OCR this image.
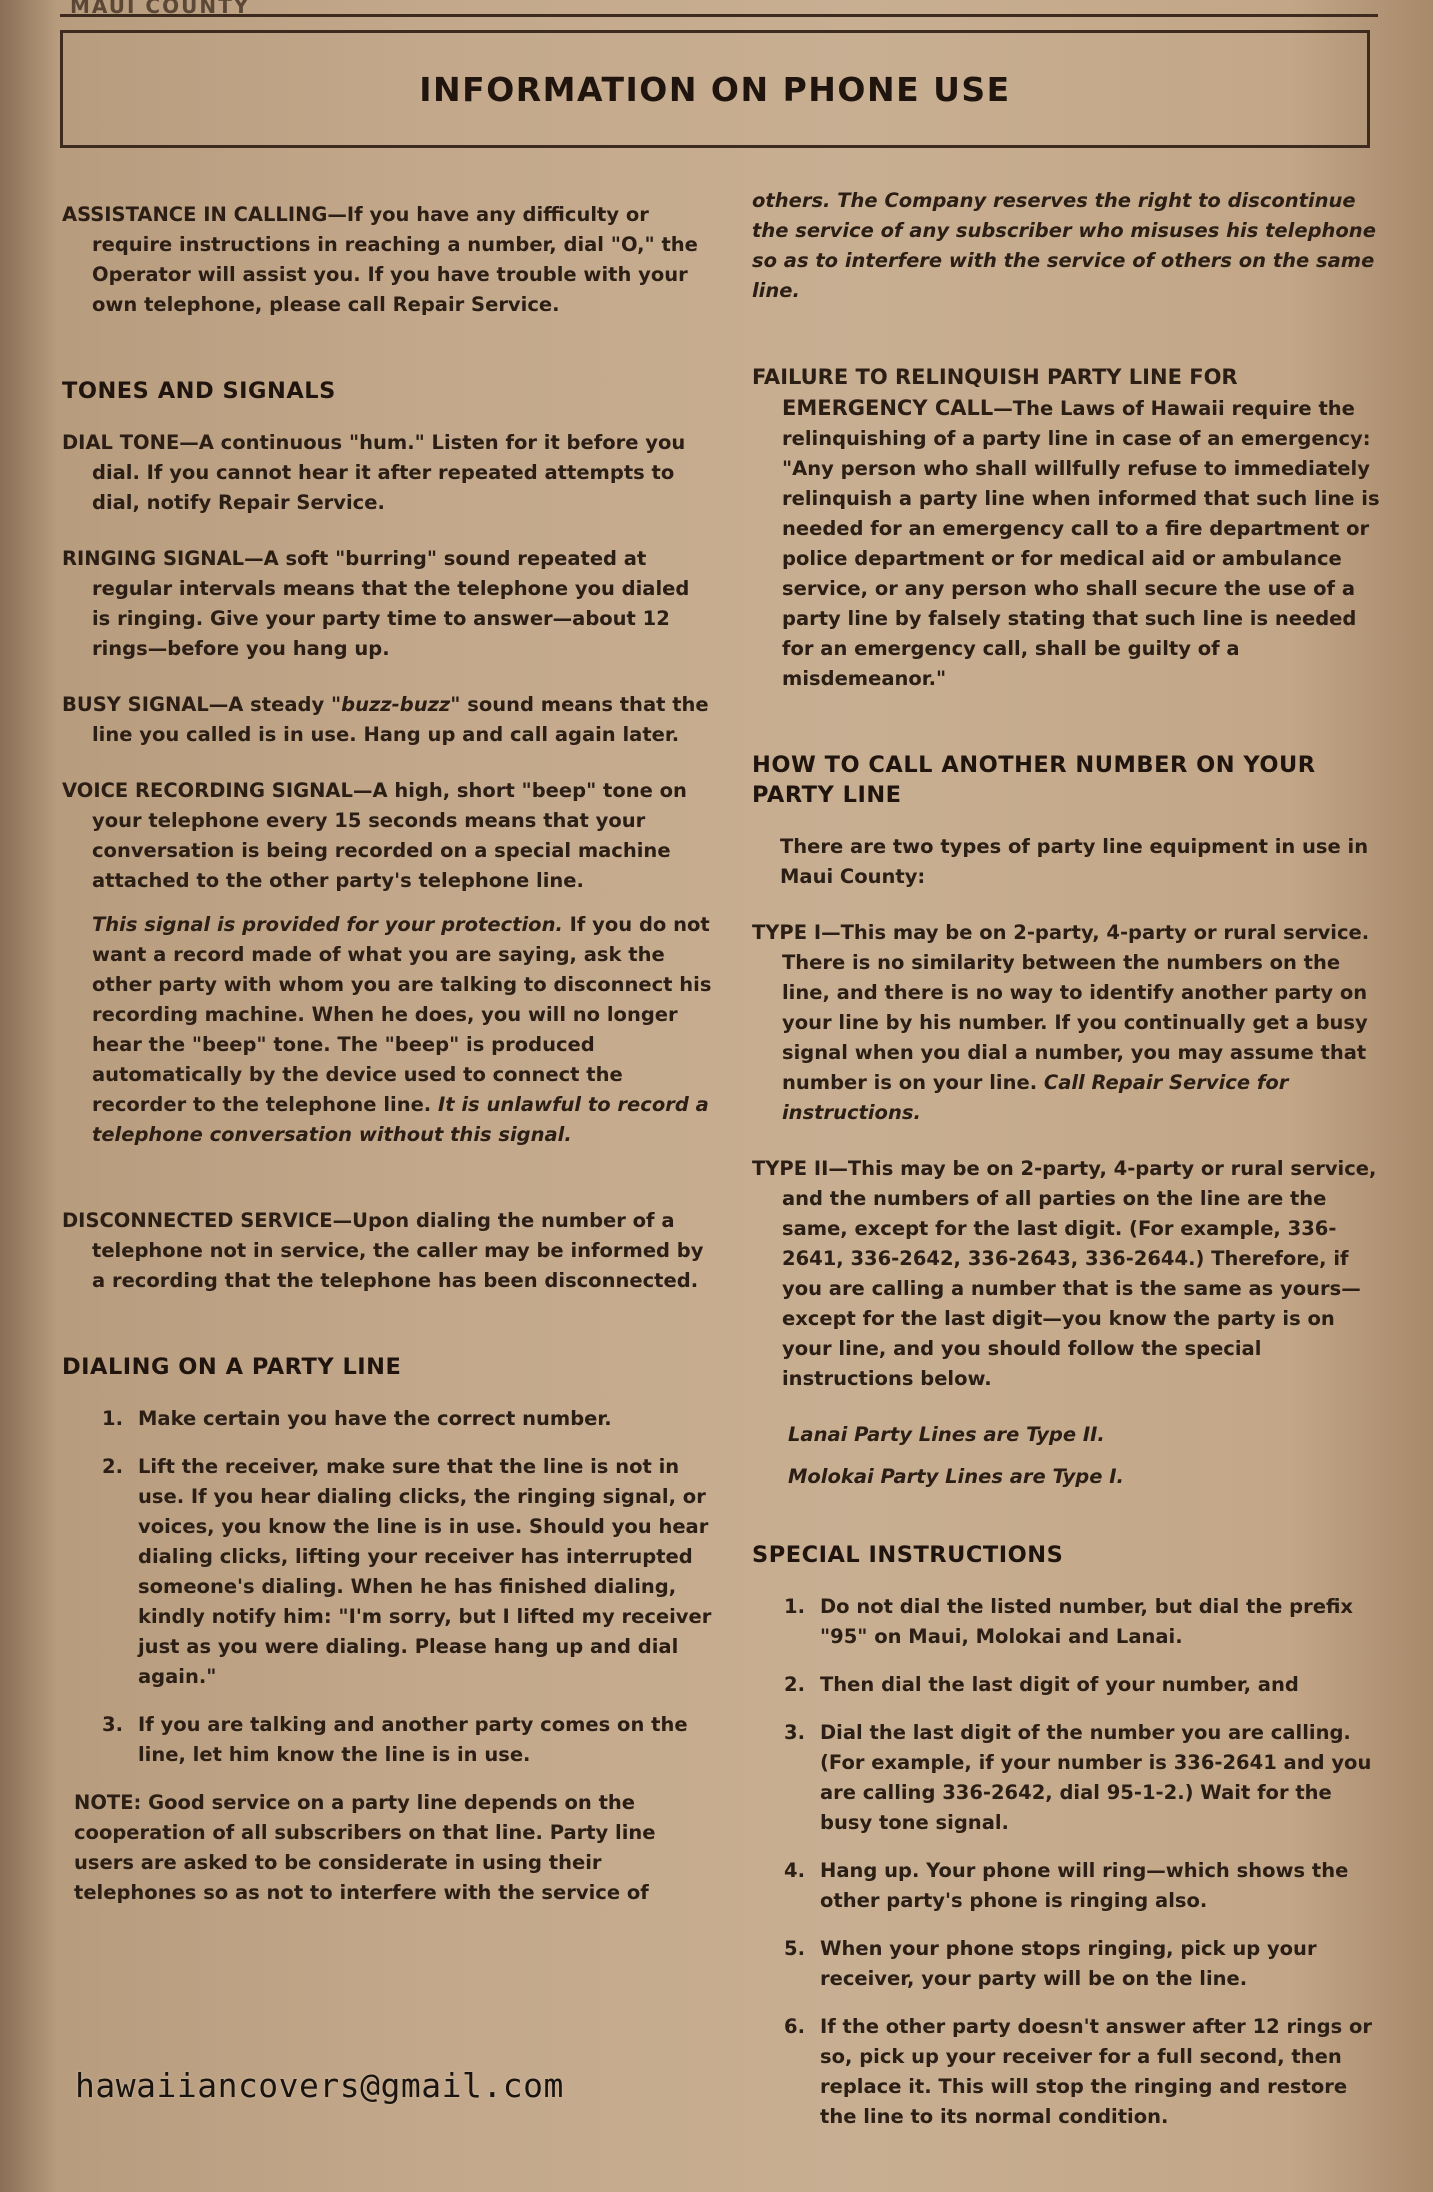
MAUI COUNTY
INFORMATION ON PHONE USE

ASSISTANCE IN CALLING—If you have any difficulty or require instructions in reaching a number, dial "O," the Operator will assist you. If you have trouble with your own telephone, please call Repair Service.

TONES AND SIGNALS

DIAL TONE—A continuous "hum." Listen for it before you dial. If you cannot hear it after repeated attempts to dial, notify Repair Service.

RINGING SIGNAL—A soft "burring" sound repeated at regular intervals means that the telephone you dialed is ringing. Give your party time to answer—about 12 rings—before you hang up.

BUSY SIGNAL—A steady "buzz-buzz" sound means that the line you called is in use. Hang up and call again later.

VOICE RECORDING SIGNAL—A high, short "beep" tone on your telephone every 15 seconds means that your conversation is being recorded on a special machine attached to the other party's telephone line.

This signal is provided for your protection. If you do not want a record made of what you are saying, ask the other party with whom you are talking to disconnect his recording machine. When he does, you will no longer hear the "beep" tone. The "beep" is produced automatically by the device used to connect the recorder to the telephone line. It is unlawful to record a telephone conversation without this signal.

DISCONNECTED SERVICE—Upon dialing the number of a telephone not in service, the caller may be informed by a recording that the telephone has been disconnected.

DIALING ON A PARTY LINE
1. Make certain you have the correct number.
2. Lift the receiver, make sure that the line is not in use. If you hear dialing clicks, the ringing signal, or voices, you know the line is in use. Should you hear dialing clicks, lifting your receiver has interrupted someone's dialing. When he has finished dialing, kindly notify him: "I'm sorry, but I lifted my receiver just as you were dialing. Please hang up and dial again."
3. If you are talking and another party comes on the line, let him know the line is in use.

NOTE: Good service on a party line depends on the cooperation of all subscribers on that line. Party line users are asked to be considerate in using their telephones so as not to interfere with the service of

others. The Company reserves the right to discontinue the service of any subscriber who misuses his telephone so as to interfere with the service of others on the same line.

FAILURE TO RELINQUISH PARTY LINE FOR EMERGENCY CALL—The Laws of Hawaii require the relinquishing of a party line in case of an emergency: "Any person who shall willfully refuse to immediately relinquish a party line when informed that such line is needed for an emergency call to a fire department or police department or for medical aid or ambulance service, or any person who shall secure the use of a party line by falsely stating that such line is needed for an emergency call, shall be guilty of a misdemeanor."

HOW TO CALL ANOTHER NUMBER ON YOUR PARTY LINE

There are two types of party line equipment in use in Maui County:

TYPE I—This may be on 2-party, 4-party or rural service. There is no similarity between the numbers on the line, and there is no way to identify another party on your line by his number. If you continually get a busy signal when you dial a number, you may assume that number is on your line. Call Repair Service for instructions.

TYPE II—This may be on 2-party, 4-party or rural service, and the numbers of all parties on the line are the same, except for the last digit. (For example, 336-2641, 336-2642, 336-2643, 336-2644.) Therefore, if you are calling a number that is the same as yours—except for the last digit—you know the party is on your line, and you should follow the special instructions below.

Lanai Party Lines are Type II.

Molokai Party Lines are Type I.

SPECIAL INSTRUCTIONS
1. Do not dial the listed number, but dial the prefix "95" on Maui, Molokai and Lanai.
2. Then dial the last digit of your number, and
3. Dial the last digit of the number you are calling. (For example, if your number is 336-2641 and you are calling 336-2642, dial 95-1-2.) Wait for the busy tone signal.
4. Hang up. Your phone will ring—which shows the other party's phone is ringing also.
5. When your phone stops ringing, pick up your receiver, your party will be on the line.
6. If the other party doesn't answer after 12 rings or so, pick up your receiver for a full second, then replace it. This will stop the ringing and restore the line to its normal condition.
hawaiiancovers@gmail.com
